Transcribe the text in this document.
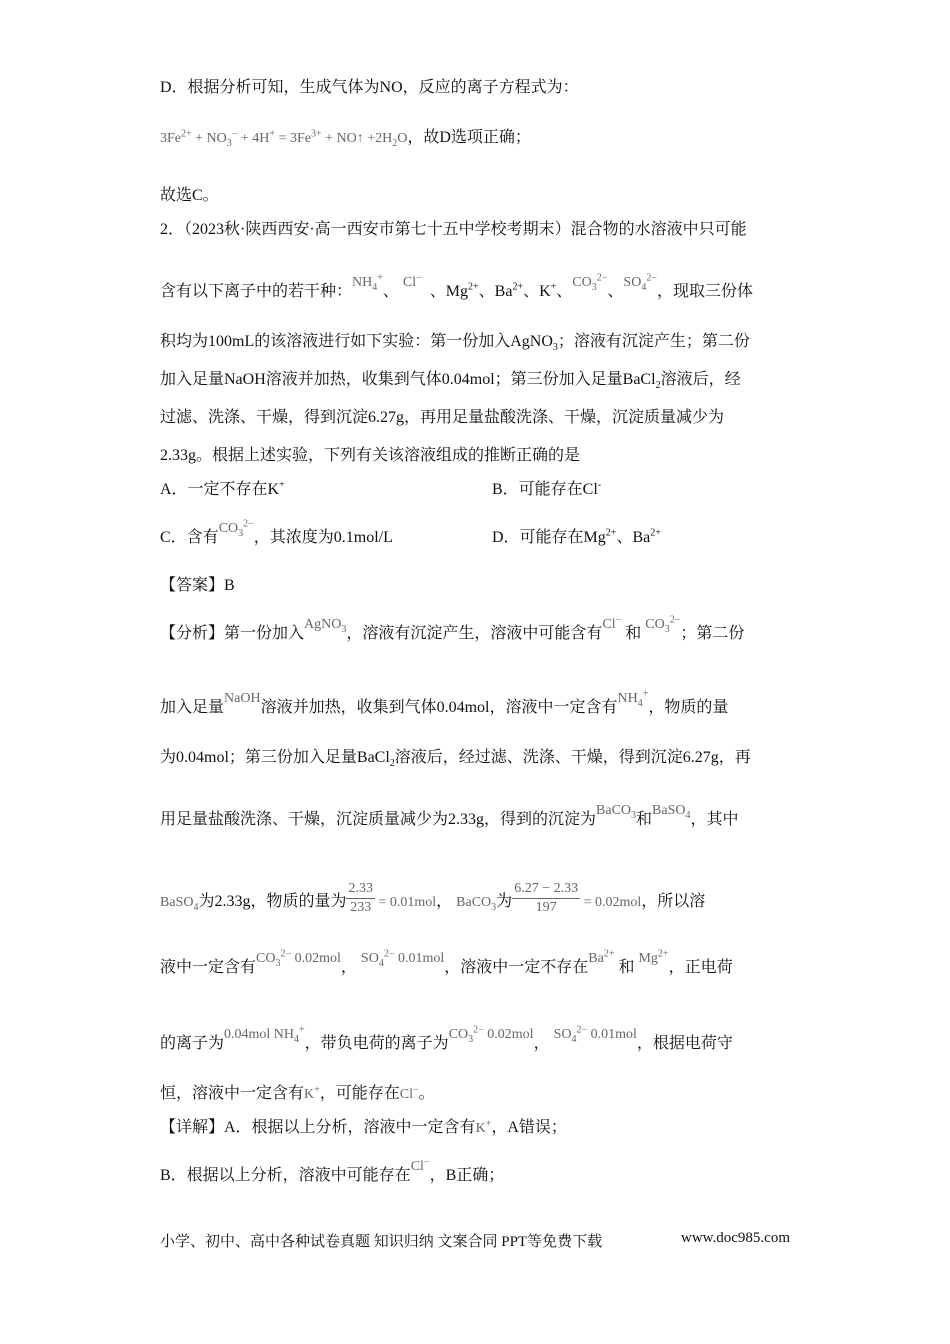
D．根据分析可知，生成气体为NO，反应的离子方程式为：
$3Fe^{2+} + NO_3^- + 4H^+ = 3Fe^{3+}$ + NO↑ $+2H_2O$，故D选项正确；
故选C。
2．（2023秋·陕西西安·高一西安市第七十五中学校考期末）混合物的水溶液中只可能
含有以下离子中的若干种：$NH_4^+$、 Cl−  、$Mg^{2+}$、$Ba^{2+}$、K+、$CO_3^{2-}$、$SO_4^{2-}$，现取三份体
积均为100mL的该溶液进行如下实验：第一份加入AgNO$_3$；溶液有沉淀产生；第二份
加入足量NaOH溶液并加热，收集到气体0.04mol；第三份加入足量BaCl$_2$溶液后，经
过滤、洗涤、干燥，得到沉淀6.27g，再用足量盐酸洗涤、干燥，沉淀质量减少为
2.33g。根据上述实验，下列有关该溶液组成的推断正确的是
A．一定不存在K+	B．可能存在Cl-
C．含有$CO_3^{2-}$，其浓度为0.1mol/L	D．可能存在$Mg^{2+}$、$Ba^{2+}$
【答案】B
【分析】第一份加入AgNO$_3$，溶液有沉淀产生，溶液中可能含有Cl− 和 $CO_3^{2-}$；第二份
加入足量NaOH溶液并加热，收集到气体0.04mol，溶液中一定含有$NH_4^+$，物质的量
为0.04mol；第三份加入足量BaCl$_2$溶液后，经过滤、洗涤、干燥，得到沉淀6.27g，再
用足量盐酸洗涤、干燥，沉淀质量减少为2.33g，得到的沉淀为BaCO$_3$和BaSO$_4$，其中
BaSO$_4$为2.33g，物质的量为 $\frac{2.33}{233} = 0.01mol$， BaCO$_3$为 $\frac{6.27 - 2.33}{197} = 0.02mol$，所以溶
液中一定含有$CO_3^{2-}$ 0.02mol， $SO_4^{2-}$ 0.01mol，溶液中一定不存在$Ba^{2+}$ 和 $Mg^{2+}$，正电荷
的离子为0.04mol $NH_4^+$，带负电荷的离子为$CO_3^{2-}$ 0.02mol， $SO_4^{2-}$ 0.01mol，根据电荷守
恒，溶液中一定含有K+，可能存在Cl−。
【详解】A．根据以上分析，溶液中一定含有K+，A错误；
B．根据以上分析，溶液中可能存在Cl−，B正确；
小学、初中、高中各种试卷真题 知识归纳 文案合同 PPT等免费下载	www.doc985.com
